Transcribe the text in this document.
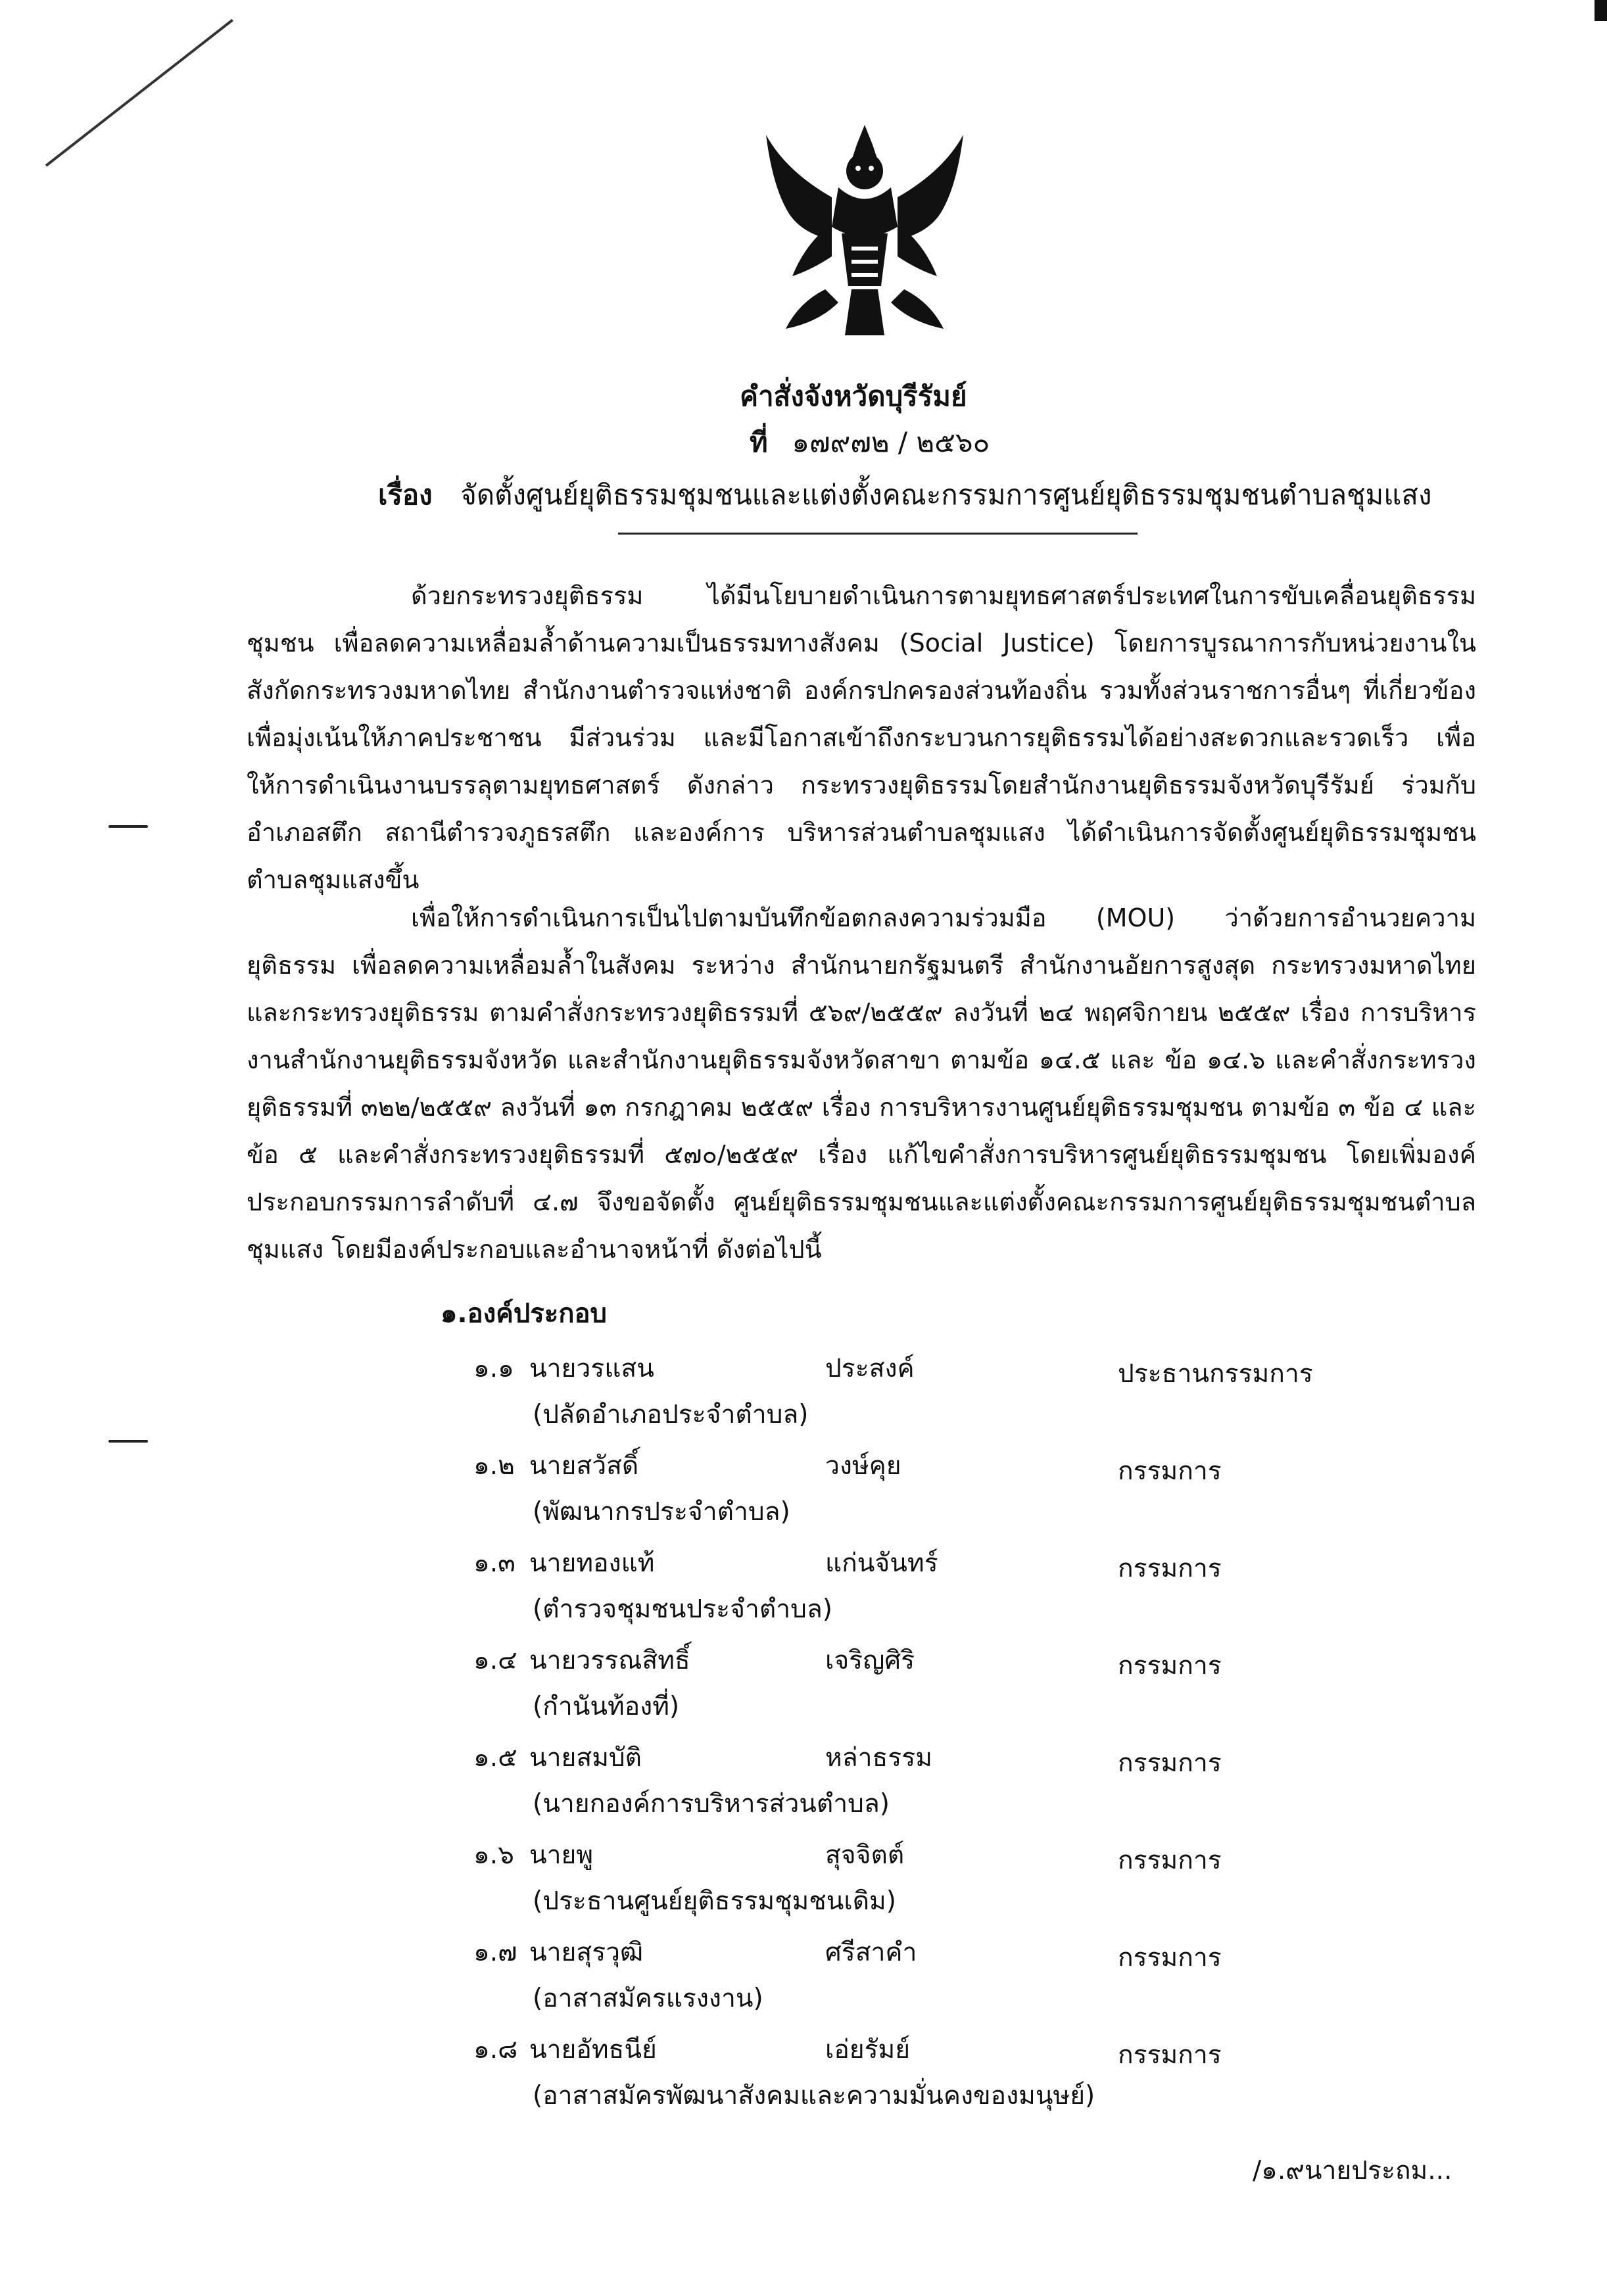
คำสั่งจังหวัดบุรีรัมย์
ที่ ๑๗๙๗๒ / ๒๕๖๐
เรื่อง จัดตั้งศูนย์ยุติธรรมชุมชนและแต่งตั้งคณะกรรมการศูนย์ยุติธรรมชุมชนตำบลชุมแสง
ด้วยกระทรวงยุติธรรม ได้มีนโยบายดำเนินการตามยุทธศาสตร์ประเทศในการขับเคลื่อนยุติธรรมชุมชน เพื่อลดความเหลื่อมล้ำด้านความเป็นธรรมทางสังคม (Social Justice) โดยการบูรณาการกับหน่วยงานในสังกัดกระทรวงมหาดไทย สำนักงานตำรวจแห่งชาติ องค์กรปกครองส่วนท้องถิ่น รวมทั้งส่วนราชการอื่นๆ ที่เกี่ยวข้อง เพื่อมุ่งเน้นให้ภาคประชาชน มีส่วนร่วม และมีโอกาสเข้าถึงกระบวนการยุติธรรมได้อย่างสะดวกและรวดเร็ว เพื่อให้การดำเนินงานบรรลุตามยุทธศาสตร์ ดังกล่าว กระทรวงยุติธรรมโดยสำนักงานยุติธรรมจังหวัดบุรีรัมย์ ร่วมกับอำเภอสตึก สถานีตำรวจภูธรสตึก และองค์การ บริหารส่วนตำบลชุมแสง ได้ดำเนินการจัดตั้งศูนย์ยุติธรรมชุมชนตำบลชุมแสงขึ้น
เพื่อให้การดำเนินการเป็นไปตามบันทึกข้อตกลงความร่วมมือ (MOU) ว่าด้วยการอำนวยความยุติธรรม เพื่อลดความเหลื่อมล้ำในสังคม ระหว่าง สำนักนายกรัฐมนตรี สำนักงานอัยการสูงสุด กระทรวงมหาดไทย และกระทรวงยุติธรรม ตามคำสั่งกระทรวงยุติธรรมที่ ๕๖๙/๒๕๕๙ ลงวันที่ ๒๔ พฤศจิกายน ๒๕๕๙ เรื่อง การบริหารงานสำนักงานยุติธรรมจังหวัด และสำนักงานยุติธรรมจังหวัดสาขา ตามข้อ ๑๔.๕ และ ข้อ ๑๔.๖ และคำสั่งกระทรวงยุติธรรมที่ ๓๒๒/๒๕๕๙ ลงวันที่ ๑๓ กรกฎาคม ๒๕๕๙ เรื่อง การบริหารงานศูนย์ยุติธรรมชุมชน ตามข้อ ๓ ข้อ ๔ และ ข้อ ๕ และคำสั่งกระทรวงยุติธรรมที่ ๕๗๐/๒๕๕๙ เรื่อง แก้ไขคำสั่งการบริหารศูนย์ยุติธรรมชุมชน โดยเพิ่มองค์ประกอบกรรมการลำดับที่ ๔.๗ จึงขอจัดตั้ง ศูนย์ยุติธรรมชุมชนและแต่งตั้งคณะกรรมการศูนย์ยุติธรรมชุมชนตำบลชุมแสง โดยมีองค์ประกอบและอำนาจหน้าที่ ดังต่อไปนี้
๑.องค์ประกอบ
๑.๑ นายวรแสน	ประสงค์	ประธานกรรมการ
(ปลัดอำเภอประจำตำบล)
๑.๒ นายสวัสดิ์	วงษ์คุย	กรรมการ
(พัฒนากรประจำตำบล)
๑.๓ นายทองแท้	แก่นจันทร์	กรรมการ
(ตำรวจชุมชนประจำตำบล)
๑.๔ นายวรรณสิทธิ์	เจริญศิริ	กรรมการ
(กำนันท้องที่)
๑.๕ นายสมบัติ	หล่าธรรม	กรรมการ
(นายกองค์การบริหารส่วนตำบล)
๑.๖ นายพู	สุจจิตต์	กรรมการ
(ประธานศูนย์ยุติธรรมชุมชนเดิม)
๑.๗ นายสุรวุฒิ	ศรีสาคำ	กรรมการ
(อาสาสมัครแรงงาน)
๑.๘ นายอัทธนีย์	เอ่ยรัมย์	กรรมการ
(อาสาสมัครพัฒนาสังคมและความมั่นคงของมนุษย์)
/๑.๙นายประถม...
